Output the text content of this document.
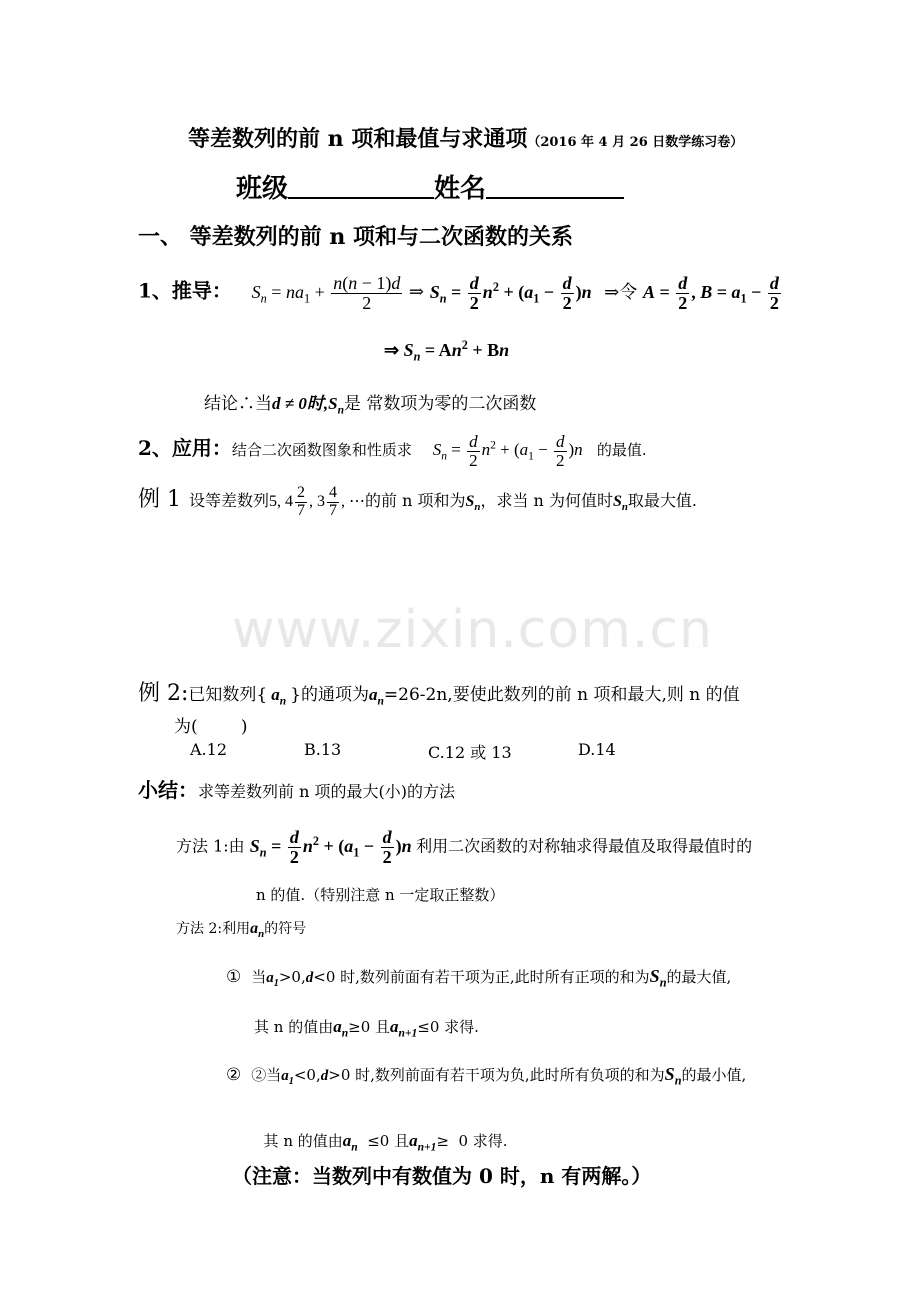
等差数列的前 n 项和最值与求通项（2016 年 4 月 26 日数学练习卷）
班级	姓名
一、 等差数列的前 n 项和与二次函数的关系
1、推导： $S_n = na_1 + \frac{n(n - 1)d}{2}$ ⇒ $S_n = \frac{d}{2} n^2 + (a_1 - \frac{d}{2} )n$ ⇒令 $A = \frac{d}{2}$ , $B = a_1 - \frac{d}{2}$
⇒ $S_n = An^2 + Bn$
结论∴当d ≠ 0时$,S_n$是 常数项为零的二次函数
2、应用：结合二次函数图象和性质求 $S_n = \frac{d}{2} n^2 + (a_1 - \frac{d}{2} )n$ 的最值.
例 1 设等差数列5, $4 \frac{2}{7}$ , $3 \frac{4}{7}$ , ⋯的前 n 项和为$S_n$，求当 n 为何值时$S_n$取最大值.
www.zixin.com.cn
例 2:已知数列{ $a_n$ }的通项为$a_n=26-2n$,要使此数列的前 n 项和最大,则 n 的值
为(        )
A.12	B.13	C.12 或 13	D.14
小结：求等差数列前 n 项的最大(小)的方法
方法 1:由 $S_n = \frac{d}{2} n^2 + (a_1 - \frac{d}{2} )n$ 利用二次函数的对称轴求得最值及取得最值时的
n 的值.（特别注意 n 一定取正整数）
方法 2:利用$a_n$的符号
① 当$a_1>0,d<0$ 时,数列前面有若干项为正,此时所有正项的和为$S_n$的最大值,
其 n 的值由$a_n\ge 0$ 且$a_{n+1}\le 0$ 求得.
② ②当$a_1<0,d>0$ 时,数列前面有若干项为负,此时所有负项的和为$S_n$的最小值,

其 n 的值由$a_n \le 0$ 且$a_{n+1}\ge 0$ 求得.

（注意：当数列中有数值为 0 时，n 有两解。）
